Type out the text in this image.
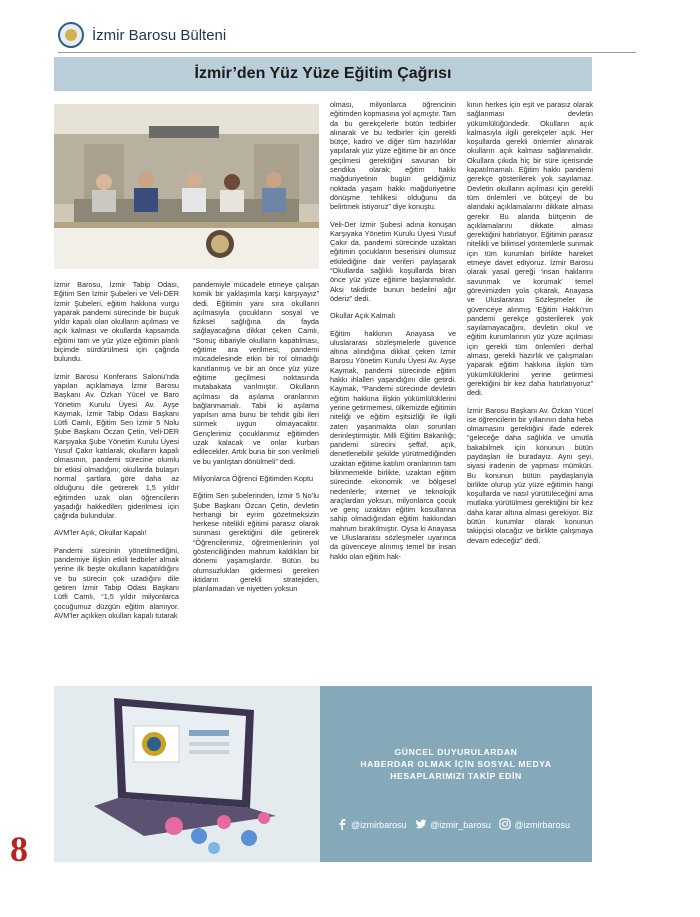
İzmir Barosu Bülteni
İzmir’den Yüz Yüze Eğitim Çağrısı

İzmir Barosu, İzmir Tabip Odası, Eğitim Sen İzmir Şubeleri ve Veli-DER İzmir Şubeleri, eğitim hakkına vurgu yaparak pandemi sürecinde bir buçuk yıldır kapalı olan okulların açılması ve açık kalması ve okullarda kapsamda eğitimi tam ve yüz yüze eğitimin planlı biçimde sürdürülmesi için çağrıda bulundu.

İzmir Barosu Konferans Salonu’nda yapılan açıklamaya İzmir Barosu Başkanı Av. Özkan Yücel ve Baro Yönetim Kurulu Üyesi Av. Ayşe Kaymak, İzmir Tabip Odası Başkanı Lütfi Camlı, Eğitim Sen İzmir 5 Nolu Şube Başkanı Öczan Çetin, Veli-DER Karşıyaka Şube Yönetim Kurulu Üyesi Yusuf Çakır katılarak, okulların kapalı olmasının, pandemi sürecine olumlu bir etkisi olmadığını; okullarda bulaşın normal şartlara göre daha az olduğunu dile getirerek 1,5 yıldır eğitimden uzak olan öğrencilerin yaşadığı hakkedilen giderilmesi için çağrıda bulundular.

AVM’ler Açık, Okullar Kapalı!

Pandemi sürecinin yönetilmediğini, pandemiye ilişkin etkili tedbirler almak yerine ilk beşte okulların kapatıldığını ve bu sürecin çok uzadığını dile getiren İzmir Tabip Odası Başkanı Lütfi Camlı, “1,5 yıldır milyonlarca çocuğumuz düzgün eğitim alamıyor. AVM’ler açıkken okulları kapalı tutarak

pandemiyle mücadele etmeye çalışan komik bir yaklaşımla karşı karşıyayız” dedi. Eğitimin yanı sıra okulların açılmasıyla çocukların sosyal ve fiziksel sağlığına da fayda sağlayacağına dikkat çeken Camlı, “Sonuç itibariyle okulların kapatılması, eğitime ara verilmesi, pandemi mücadelesinde etkin bir rol olmadığı kanıtlanmış ve bir an önce yüz yüze eğitime geçilmesi noktasında mutabakata varılmıştır. Okulların açılması da aşılama oranlarının bağlanmamalı. Tabii ki aşılama yapılsın ama bunu bir tehdit gibi ileri sürmek uygun olmayacaktır. Gençlerimiz çocuklarımız eğitimden uzak kalacak ve onlar kurban edilecekler. Artık buna bir son verilmeli ve bu yanlıştan dönülmeli” dedi.

Milyonlarca Öğrenci Eğitimden Koptu

Eğitim Sen şubelerinden, İzmir 5 No’lu Şube Başkanı Özcan Çetin, devletin herhangi bir eyrim gözetmeksizin herkese nitelikli eğitimi parasız olarak sunması gerektiğini dile getirerek “Öğrencilerimiz, öğretmenlerinin yol göstericiliğinden mahrum kaldıkları bir dönemi yaşamışlardır. Bütün bu olumsuzlukları gidermesi gereken iktidarın gerekli stratejiden, planlamadan ve niyetten yoksun

olması, milyonlarca öğrencinin eğitimden kopmasına yol açmıştır. Tam da bu gerekçelerle bütün tedbirler alınarak ve bu tedbirler için gerekli bütçe, kadro ve diğer tüm hazırlıklar yapılarak yüz yüze eğitime bir an önce geçilmesi gerektiğini savunan bir sendika olarak; eğitim hakkı mağduriyetinin bugün geldiğimiz noktada yaşam hakkı mağduriyetine dönüşme tehlikesi olduğunu da belirtmek istiyoruz” diye konuştu.

Veli-Der İzmir Şubesi adına konuşan Karşıyaka Yönetim Kurulu Üyesi Yusuf Çakır da, pandemi sürecinde uzaktan eğitimin çocukların beserisini olumsuz etkilediğine dair verileri paylaşarak “Okullarda sağlıklı koşullarda biran önce yüz yüze eğitime başlanmalıdır. Aksi takdirde bunun bedelini ağır öderiz” dedi.

Okullar Açık Kalmalı

Eğitim hakkının Anayasa ve uluslararası sözleşmelerle güvence altına alındığına dikkat çeken İzmir Barosu Yönetim Kurulu Üyesi Av. Ayşe Kaymak, pandemi sürecinde eğitim hakkı ihlalleri yaşandığını dile getirdi. Kaymak, “Pandemi sürecinde devletin eğitim hakkına ilişkin yükümlülüklerini yerine getirmemesi, ülkemizde eğitimin niteliği ve eğitim eşitsizliği ile ilgili zaten yaşanmakta olan sorunları derinleştirmiştir. Milli Eğitim Bakanlığı; pandemi sürecini şeffaf, açık, denetlenebilir şekilde yürütmediğinden uzaktan eğitime katılım oranlarının tam bilinmemekle birlikte, uzaktan eğitim sürecinde ekonomik ve bölgesel nedenlerle; internet ve teknolojik araçlardan yoksun, milyonlarca çocuk ve genç uzaktan eğitim kosullarına sahip olmadığından eğitim hakkından mahrum bırakılmıştır. Oysa ki Anayasa ve Uluslararası sözleşmeler uyarınca da güvenceye alınmış temel bir insan hakkı olan eğitim hak-

kının herkes için eşit ve parasız olarak sağlanması devletin yükümlülüğündedir. Okulların açık kalmasıyla ilgili gerekçeler açık. Her koşullarda gerekli önlemler alınarak okulların açık kalması sağlanmalıdır. Okullara çıkıda hiç bir süre içerisinde kapatılmamalı. Eğitim hakkı pandemi gerekçe gösterilerek yok sayılamaz. Devletin okulların açılması için gerekli tüm önlemleri ve bütçeyi de bu alandaki açıklamalarını dikkate alması gerekir. Bu alanda bütçenin de açıklamalarını dikkate alması gerektiğini hatırlatıyor. Eğitimin parasız nitelikli ve bilimsel yöntemlerle sunmak için tüm kurumları birlikte hareket etmeye davet ediyoruz. İzmir Barosu olarak yasal gereği ‘insan haklarını savunmak ve korumak’ temel görevimizden yola çıkarak, Anayasa ve Uluslararası Sözleşmeler ile güvenceye alınmış ‘Eğitim Hakkı’nın pandemi gerekçe gösterilerek yok sayılamayacağını, devletin okul ve eğitim kurumlarının yüz yüze açılması için gerekli tüm önlemleri derhal alması, gerekli hazırlık ve çalışmaları yaparak eğitim hakkına ilişkin tüm yükümlülüklerini yerine getirmesi gerektiğini bir kez daha hatırlatıyoruz” dedi.

İzmir Barosu Başkanı Av. Özkan Yücel ise öğrencilerin bir yıllarının daha heba olmamasını gerektiğini ifade ederek “geleceğe daha sağlıkla ve umutla bakabilmek için konunun bütün paydaşları ile buradayız. Aynı şeyi, siyasi iradenin de yapması mümkün. Bu konunun bütün paydaşlarıyla birlikte olurup yüz yüze eğitimin hangi koşullarda ve nasıl yürütüleceğini ama mutlaka yürütülmesi gerektiğini bir kez daha karar altına alması gerekiyor. Biz bütün kurumlar olarak konunun takipçisi olacağız ve birlikte çalışmaya devam edeceğiz” dedi.

GÜNCEL DUYURULARDAN
HABERDAR OLMAK İÇİN SOSYAL MEDYA
HESAPLARIMIZI TAKİP EDİN
@izmirbarosu	@izmir_barosu	@izmirbarosu
8
